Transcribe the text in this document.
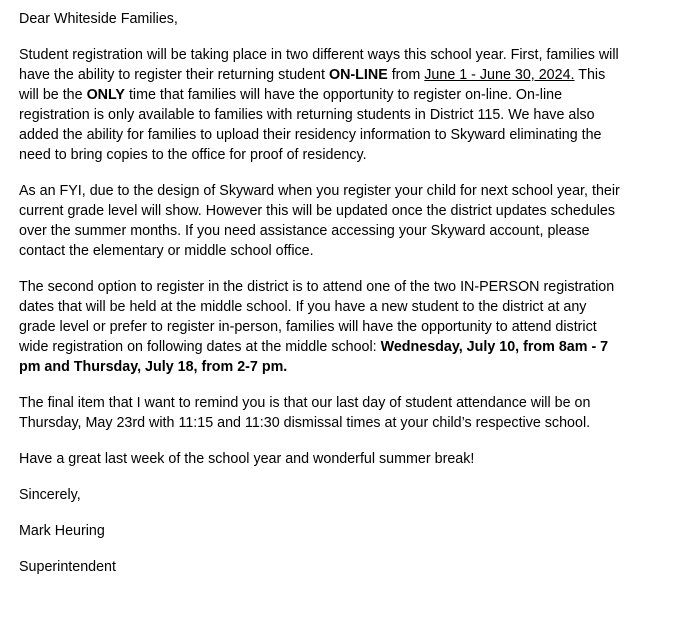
Dear Whiteside Families,

Student registration will be taking place in two different ways this school year. First, families will
have the ability to register their returning student ON-LINE from June 1 - June 30, 2024. This
will be the ONLY time that families will have the opportunity to register on-line. On-line
registration is only available to families with returning students in District 115. We have also
added the ability for families to upload their residency information to Skyward eliminating the
need to bring copies to the office for proof of residency.

As an FYI, due to the design of Skyward when you register your child for next school year, their
current grade level will show. However this will be updated once the district updates schedules
over the summer months. If you need assistance accessing your Skyward account, please
contact the elementary or middle school office.

The second option to register in the district is to attend one of the two IN-PERSON registration
dates that will be held at the middle school. If you have a new student to the district at any
grade level or prefer to register in-person, families will have the opportunity to attend district
wide registration on following dates at the middle school: Wednesday, July 10, from 8am - 7
pm and Thursday, July 18, from 2-7 pm.

The final item that I want to remind you is that our last day of student attendance will be on
Thursday, May 23rd with 11:15 and 11:30 dismissal times at your child’s respective school.

Have a great last week of the school year and wonderful summer break!

Sincerely,

Mark Heuring

Superintendent
